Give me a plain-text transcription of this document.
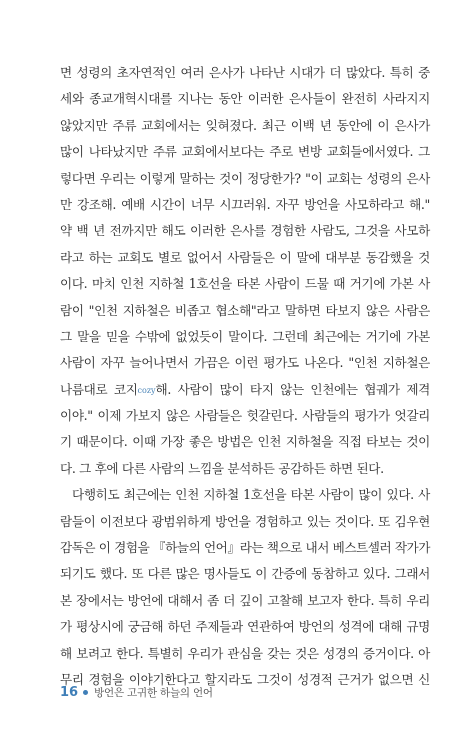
면 성령의 초자연적인 여러 은사가 나타난 시대가 더 많았다. 특히 중
세와 종교개혁시대를 지나는 동안 이러한 은사들이 완전히 사라지지
않았지만 주류 교회에서는 잊혀졌다. 최근 이백 년 동안에 이 은사가
많이 나타났지만 주류 교회에서보다는 주로 변방 교회들에서였다. 그
렇다면 우리는 이렇게 말하는 것이 정당한가? "이 교회는 성령의 은사
만 강조해. 예배 시간이 너무 시끄러워. 자꾸 방언을 사모하라고 해."
약 백 년 전까지만 해도 이러한 은사를 경험한 사람도, 그것을 사모하
라고 하는 교회도 별로 없어서 사람들은 이 말에 대부분 동감했을 것
이다. 마치 인천 지하철 1호선을 타본 사람이 드물 때 거기에 가본 사
람이 "인천 지하철은 비좁고 협소해"라고 말하면 타보지 않은 사람은
그 말을 믿을 수밖에 없었듯이 말이다. 그런데 최근에는 거기에 가본
사람이 자꾸 늘어나면서 가끔은 이런 평가도 나온다. "인천 지하철은
나름대로 코지cozy해. 사람이 많이 타지 않는 인천에는 협궤가 제격
이야." 이제 가보지 않은 사람들은 헛갈린다. 사람들의 평가가 엇갈리
기 때문이다. 이때 가장 좋은 방법은 인천 지하철을 직접 타보는 것이
다. 그 후에 다른 사람의 느낌을 분석하든 공감하든 하면 된다.
다행히도 최근에는 인천 지하철 1호선을 타본 사람이 많이 있다. 사
람들이 이전보다 광범위하게 방언을 경험하고 있는 것이다. 또 김우현
감독은 이 경험을 『하늘의 언어』라는 책으로 내서 베스트셀러 작가가
되기도 했다. 또 다른 많은 명사들도 이 간증에 동참하고 있다. 그래서
본 장에서는 방언에 대해서 좀 더 깊이 고찰해 보고자 한다. 특히 우리
가 평상시에 궁금해 하던 주제들과 연관하여 방언의 성격에 대해 규명
해 보려고 한다. 특별히 우리가 관심을 갖는 것은 성경의 증거이다. 아
무리 경험을 이야기한다고 할지라도 그것이 성경적 근거가 없으면 신
16 방언은 고귀한 하늘의 언어
